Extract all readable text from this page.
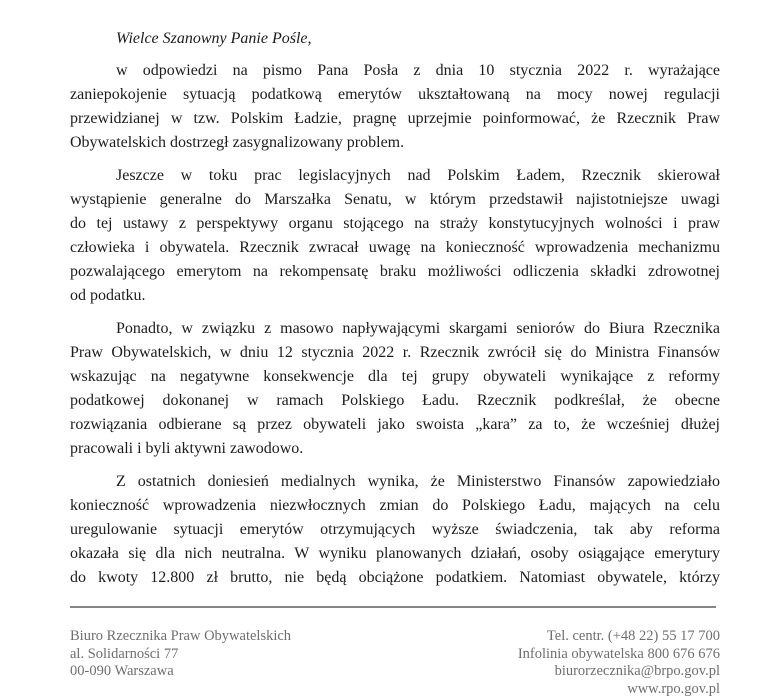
Wielce Szanowny Panie Pośle,

w odpowiedzi na pismo Pana Posła z dnia 10 stycznia 2022 r. wyrażające
zaniepokojenie sytuacją podatkową emerytów ukształtowaną na mocy nowej regulacji
przewidzianej w tzw. Polskim Ładzie, pragnę uprzejmie poinformować, że Rzecznik Praw
Obywatelskich dostrzegł zasygnalizowany problem.
Jeszcze w toku prac legislacyjnych nad Polskim Ładem, Rzecznik skierował
wystąpienie generalne do Marszałka Senatu, w którym przedstawił najistotniejsze uwagi
do tej ustawy z perspektywy organu stojącego na straży konstytucyjnych wolności i praw
człowieka i obywatela. Rzecznik zwracał uwagę na konieczność wprowadzenia mechanizmu
pozwalającego emerytom na rekompensatę braku możliwości odliczenia składki zdrowotnej
od podatku.
Ponadto, w związku z masowo napływającymi skargami seniorów do Biura Rzecznika
Praw Obywatelskich, w dniu 12 stycznia 2022 r. Rzecznik zwrócił się do Ministra Finansów
wskazując na negatywne konsekwencje dla tej grupy obywateli wynikające z reformy
podatkowej dokonanej w ramach Polskiego Ładu. Rzecznik podkreślał, że obecne
rozwiązania odbierane są przez obywateli jako swoista „kara” za to, że wcześniej dłużej
pracowali i byli aktywni zawodowo.
Z ostatnich doniesień medialnych wynika, że Ministerstwo Finansów zapowiedziało
konieczność wprowadzenia niezwłocznych zmian do Polskiego Ładu, mających na celu
uregulowanie sytuacji emerytów otrzymujących wyższe świadczenia, tak aby reforma
okazała się dla nich neutralna. W wyniku planowanych działań, osoby osiągające emerytury
do kwoty 12.800 zł brutto, nie będą obciążone podatkiem. Natomiast obywatele, którzy
Biuro Rzecznika Praw Obywatelskich
al. Solidarności 77
00-090 Warszawa
Tel. centr. (+48 22) 55 17 700
Infolinia obywatelska 800 676 676
biurorzecznika@brpo.gov.pl
www.rpo.gov.pl
